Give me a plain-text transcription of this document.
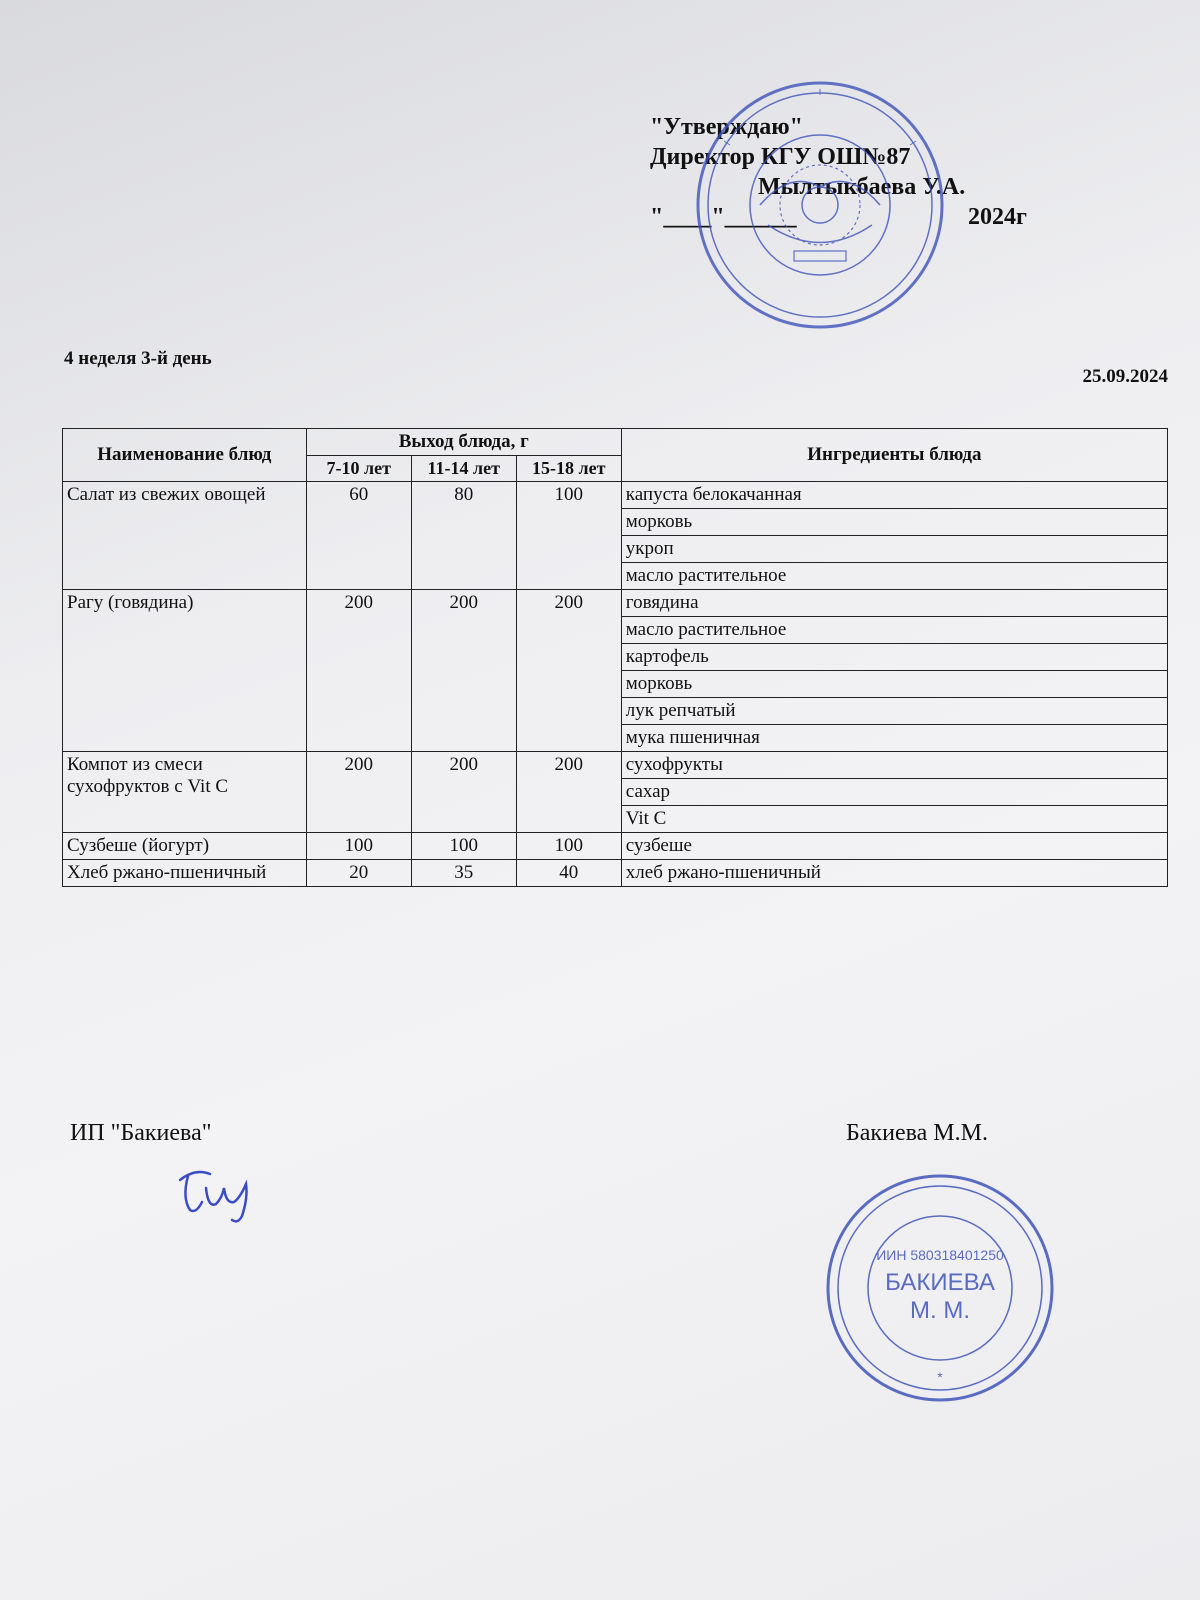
"Утверждаю"
Директор КГУ ОШ№87
Мылтыкбаева У.А.
"____"______	2024г
4 неделя 3-й день
25.09.2024
Наименование блюд	Выход блюда, г			Ингредиенты блюда
	7-10 лет	11-14 лет	15-18 лет	
Салат из свежих овощей	60	80	100	капуста белокачанная
				морковь
				укроп
				масло растительное
Рагу (говядина)	200	200	200	говядина
				масло растительное
				картофель
				морковь
				лук репчатый
				мука пшеничная
Компот из смеси сухофруктов с Vit C	200	200	200	сухофрукты
				сахар
				Vit C
Сузбеше (йогурт)	100	100	100	сузбеше
Хлеб ржано-пшеничный	20	35	40	хлеб ржано-пшеничный
ИП "Бакиева"	Бакиева М.М.
ИИН 580318401250
БАКИЕВА
М. М.
*
